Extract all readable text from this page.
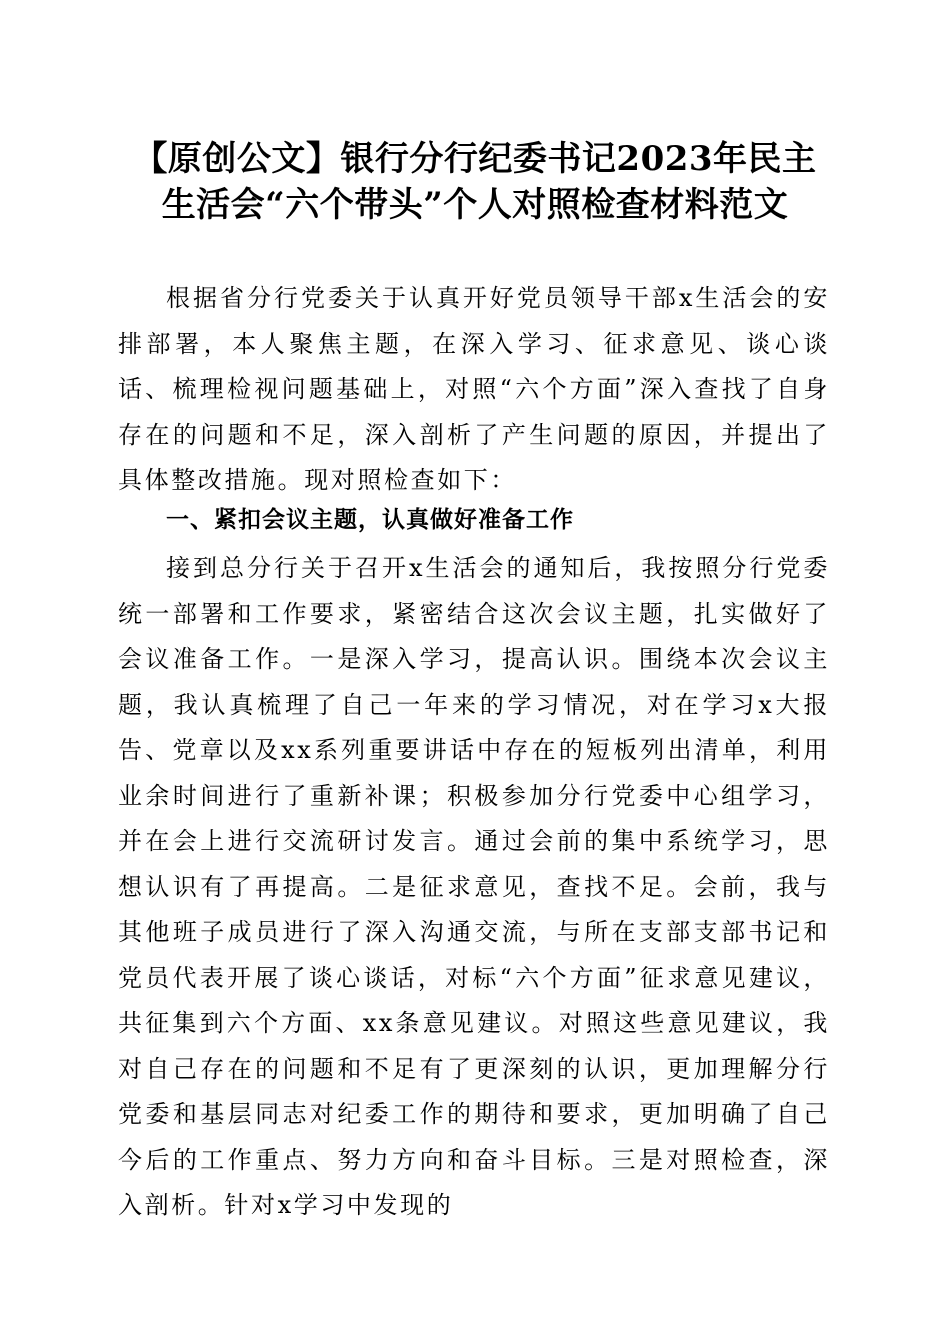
【原创公文】银行分行纪委书记2023年民主
生活会“六个带头”个人对照检查材料范文

根据省分行党委关于认真开好党员领导干部x生活会的安排部署，本人聚焦主题，在深入学习、征求意见、谈心谈话、梳理检视问题基础上，对照“六个方面”深入查找了自身存在的问题和不足，深入剖析了产生问题的原因，并提出了具体整改措施。现对照检查如下：

一、紧扣会议主题，认真做好准备工作

接到总分行关于召开x生活会的通知后，我按照分行党委统一部署和工作要求，紧密结合这次会议主题，扎实做好了会议准备工作。一是深入学习，提高认识。围绕本次会议主题，我认真梳理了自己一年来的学习情况，对在学习x大报告、党章以及xx系列重要讲话中存在的短板列出清单，利用业余时间进行了重新补课；积极参加分行党委中心组学习，并在会上进行交流研讨发言。通过会前的集中系统学习，思想认识有了再提高。二是征求意见，查找不足。会前，我与其他班子成员进行了深入沟通交流，与所在支部支部书记和党员代表开展了谈心谈话，对标“六个方面”征求意见建议，共征集到六个方面、xx条意见建议。对照这些意见建议，我对自己存在的问题和不足有了更深刻的认识，更加理解分行党委和基层同志对纪委工作的期待和要求，更加明确了自己今后的工作重点、努力方向和奋斗目标。三是对照检查，深入剖析。针对x学习中发现的
